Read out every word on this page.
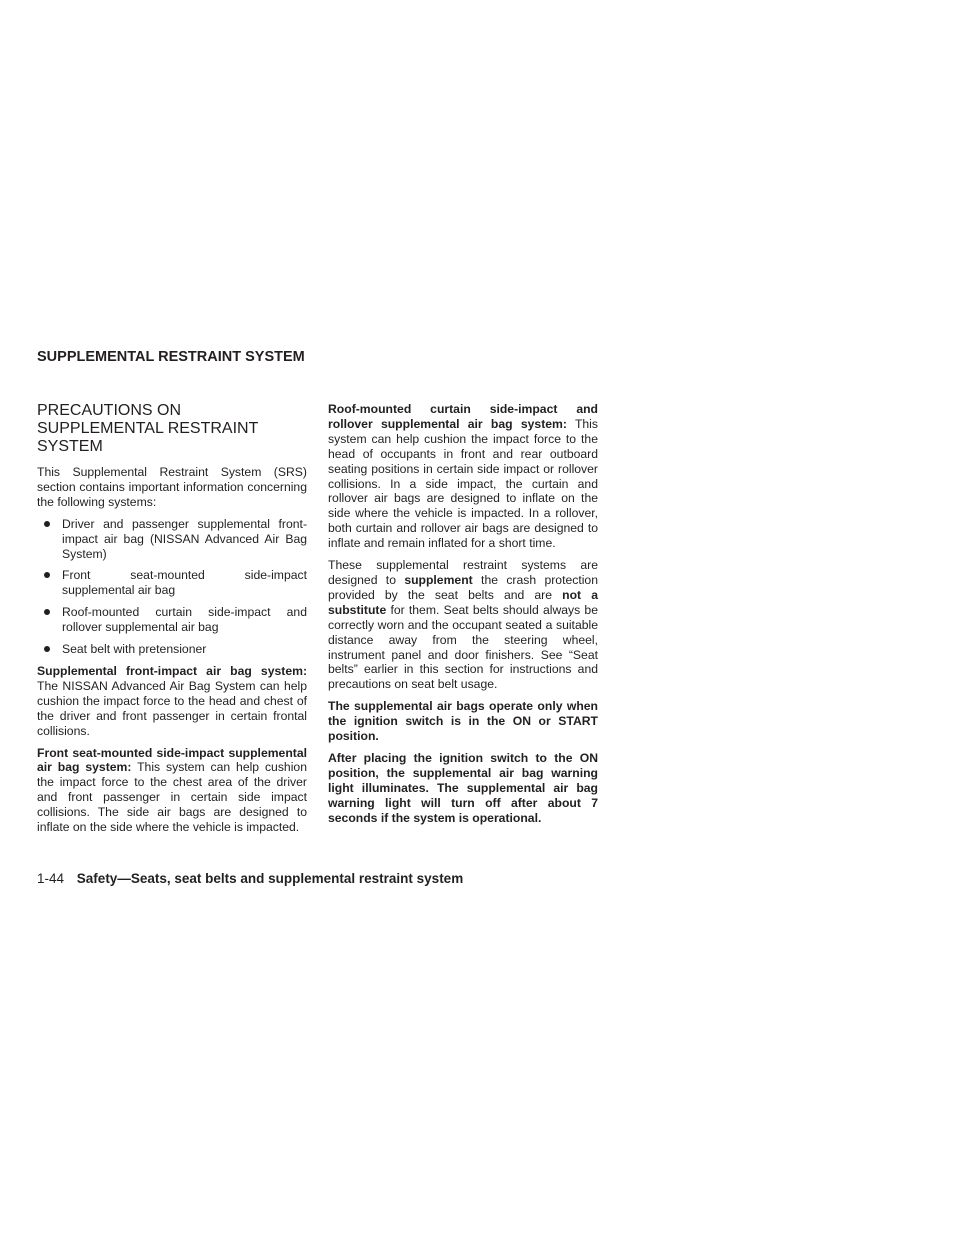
SUPPLEMENTAL RESTRAINT SYSTEM
PRECAUTIONS ON SUPPLEMENTAL RESTRAINT SYSTEM

This Supplemental Restraint System (SRS) section contains important information concerning the following systems:

Driver and passenger supplemental front-impact air bag (NISSAN Advanced Air Bag System)
Front seat-mounted side-impact supplemental air bag
Roof-mounted curtain side-impact and rollover supplemental air bag
Seat belt with pretensioner

Supplemental front-impact air bag system: The NISSAN Advanced Air Bag System can help cushion the impact force to the head and chest of the driver and front passenger in certain frontal collisions.

Front seat-mounted side-impact supplemental air bag system: This system can help cushion the impact force to the chest area of the driver and front passenger in certain side impact collisions. The side air bags are designed to inflate on the side where the vehicle is impacted.

Roof-mounted curtain side-impact and rollover supplemental air bag system: This system can help cushion the impact force to the head of occupants in front and rear outboard seating positions in certain side impact or rollover collisions. In a side impact, the curtain and rollover air bags are designed to inflate on the side where the vehicle is impacted. In a rollover, both curtain and rollover air bags are designed to inflate and remain inflated for a short time.

These supplemental restraint systems are designed to supplement the crash protection provided by the seat belts and are not a substitute for them. Seat belts should always be correctly worn and the occupant seated a suitable distance away from the steering wheel, instrument panel and door finishers. See “Seat belts” earlier in this section for instructions and precautions on seat belt usage.

The supplemental air bags operate only when the ignition switch is in the ON or START position.

After placing the ignition switch to the ON position, the supplemental air bag warning light illuminates. The supplemental air bag warning light will turn off after about 7 seconds if the system is operational.

1-44 Safety—Seats, seat belts and supplemental restraint system
